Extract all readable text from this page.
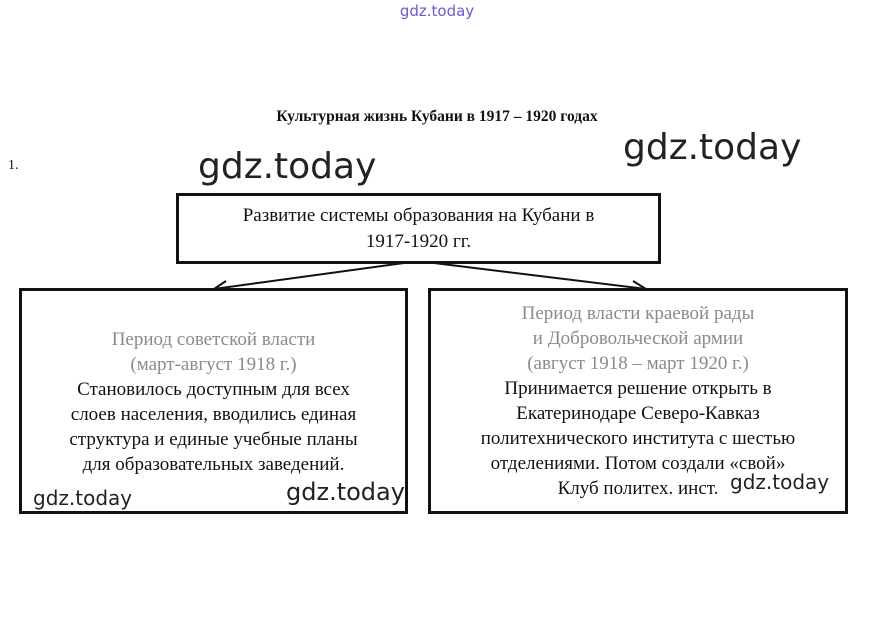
gdz.today
Культурная жизнь Кубани в 1917 – 1920 годах
1.
Развитие системы образования на Кубани в
1917-1920 гг.
Период советской власти
(март-август 1918 г.)
Становилось доступным для всех
слоев населения, вводились единая
структура и единые учебные планы
для образовательных заведений.
Период власти краевой рады
и Добровольческой армии
(август 1918 – март 1920 г.)
Принимается решение открыть в
Екатеринодаре Северо-Кавказ
политехнического института с шестью
отделениями. Потом создали «свой»
Клуб политех. инст.
gdz.today	gdz.today
gdz.today	gdz.today	gdz.today
